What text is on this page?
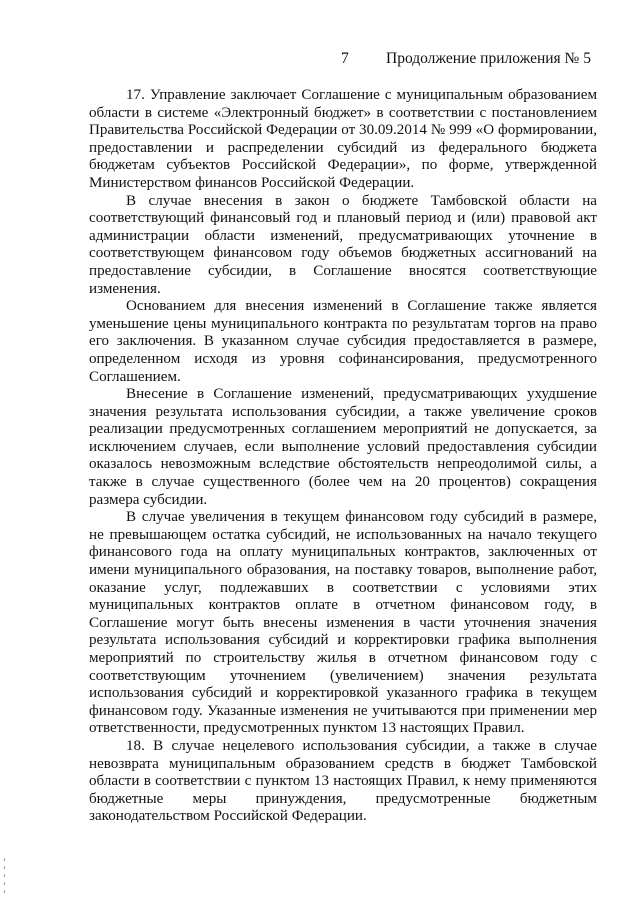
7 Продолжение приложения № 5

17. Управление заключает Соглашение с муниципальным образованием области в системе «Электронный бюджет» в соответствии с постановлением Правительства Российской Федерации от 30.09.2014 № 999 «О формировании, предоставлении и распределении субсидий из федерального бюджета бюджетам субъектов Российской Федерации», по форме, утвержденной Министерством финансов Российской Федерации.

В случае внесения в закон о бюджете Тамбовской области на соответствующий финансовый год и плановый период и (или) правовой акт администрации области изменений, предусматривающих уточнение в соответствующем финансовом году объемов бюджетных ассигнований на предоставление субсидии, в Соглашение вносятся соответствующие изменения.

Основанием для внесения изменений в Соглашение также является уменьшение цены муниципального контракта по результатам торгов на право его заключения. В указанном случае субсидия предоставляется в размере, определенном исходя из уровня софинансирования, предусмотренного Соглашением.

Внесение в Соглашение изменений, предусматривающих ухудшение значения результата использования субсидии, а также увеличение сроков реализации предусмотренных соглашением мероприятий не допускается, за исключением случаев, если выполнение условий предоставления субсидии оказалось невозможным вследствие обстоятельств непреодолимой силы, а также в случае существенного (более чем на 20 процентов) сокращения размера субсидии.

В случае увеличения в текущем финансовом году субсидий в размере, не превышающем остатка субсидий, не использованных на начало текущего финансового года на оплату муниципальных контрактов, заключенных от имени муниципального образования, на поставку товаров, выполнение работ, оказание услуг, подлежавших в соответствии с условиями этих муниципальных контрактов оплате в отчетном финансовом году, в Соглашение могут быть внесены изменения в части уточнения значения результата использования субсидий и корректировки графика выполнения мероприятий по строительству жилья в отчетном финансовом году с соответствующим уточнением (увеличением) значения результата использования субсидий и корректировкой указанного графика в текущем финансовом году. Указанные изменения не учитываются при применении мер ответственности, предусмотренных пунктом 13 настоящих Правил.

18. В случае нецелевого использования субсидии, а также в случае невозврата муниципальным образованием средств в бюджет Тамбовской области в соответствии с пунктом 13 настоящих Правил, к нему применяются бюджетные меры принуждения, предусмотренные бюджетным законодательством Российской Федерации.
